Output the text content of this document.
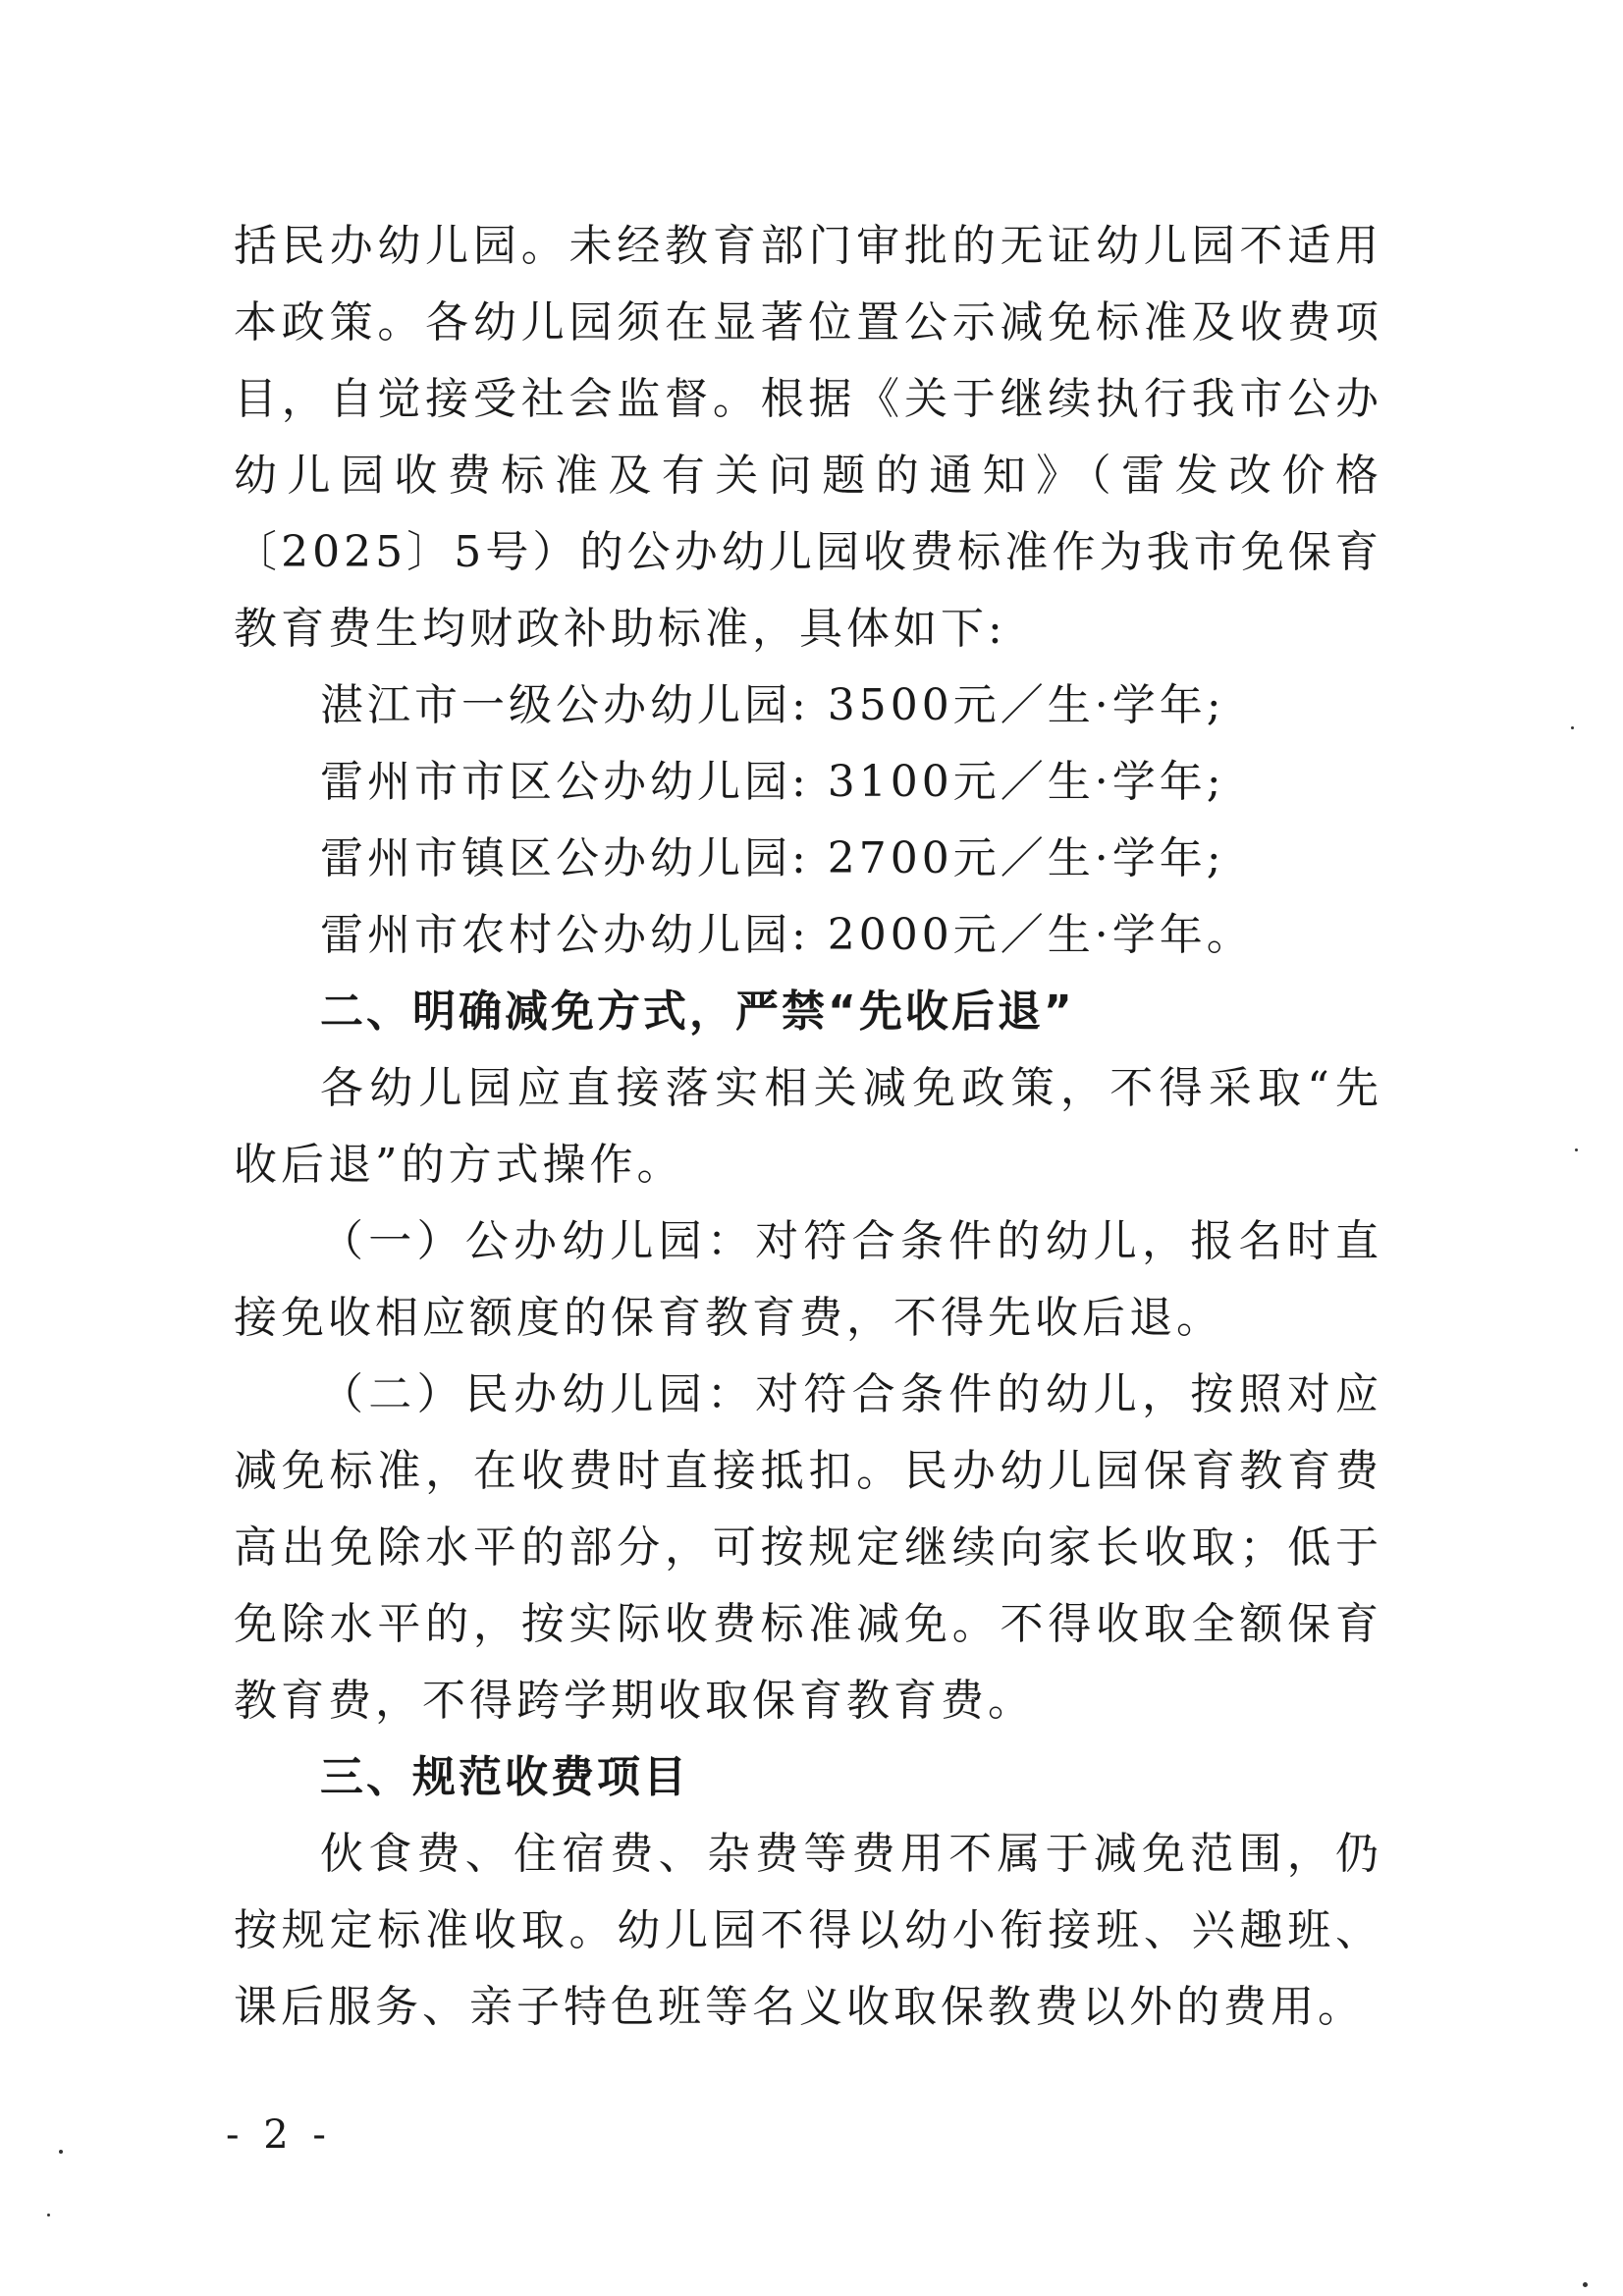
括民办幼儿园。未经教育部门审批的无证幼儿园不适用本政策。各幼儿园须在显著位置公示减免标准及收费项目，自觉接受社会监督。根据《关于继续执行我市公办幼儿园收费标准及有关问题的通知》（雷发改价格〔2025〕5号）的公办幼儿园收费标准作为我市免保育教育费生均财政补助标准，具体如下:

湛江市一级公办幼儿园: 3500元／生·学年;
雷州市市区公办幼儿园: 3100元／生·学年;
雷州市镇区公办幼儿园: 2700元／生·学年;
雷州市农村公办幼儿园: 2000元／生·学年。
二、明确减免方式，严禁“先收后退”

各幼儿园应直接落实相关减免政策，不得采取“先收后退”的方式操作。

（一）公办幼儿园：对符合条件的幼儿，报名时直接免收相应额度的保育教育费，不得先收后退。

（二）民办幼儿园：对符合条件的幼儿，按照对应减免标准，在收费时直接抵扣。民办幼儿园保育教育费高出免除水平的部分，可按规定继续向家长收取；低于免除水平的，按实际收费标准减免。不得收取全额保育教育费，不得跨学期收取保育教育费。

三、规范收费项目

伙食费、住宿费、杂费等费用不属于减免范围，仍按规定标准收取。幼儿园不得以幼小衔接班、兴趣班、课后服务、亲子特色班等名义收取保教费以外的费用。

- 2 -
